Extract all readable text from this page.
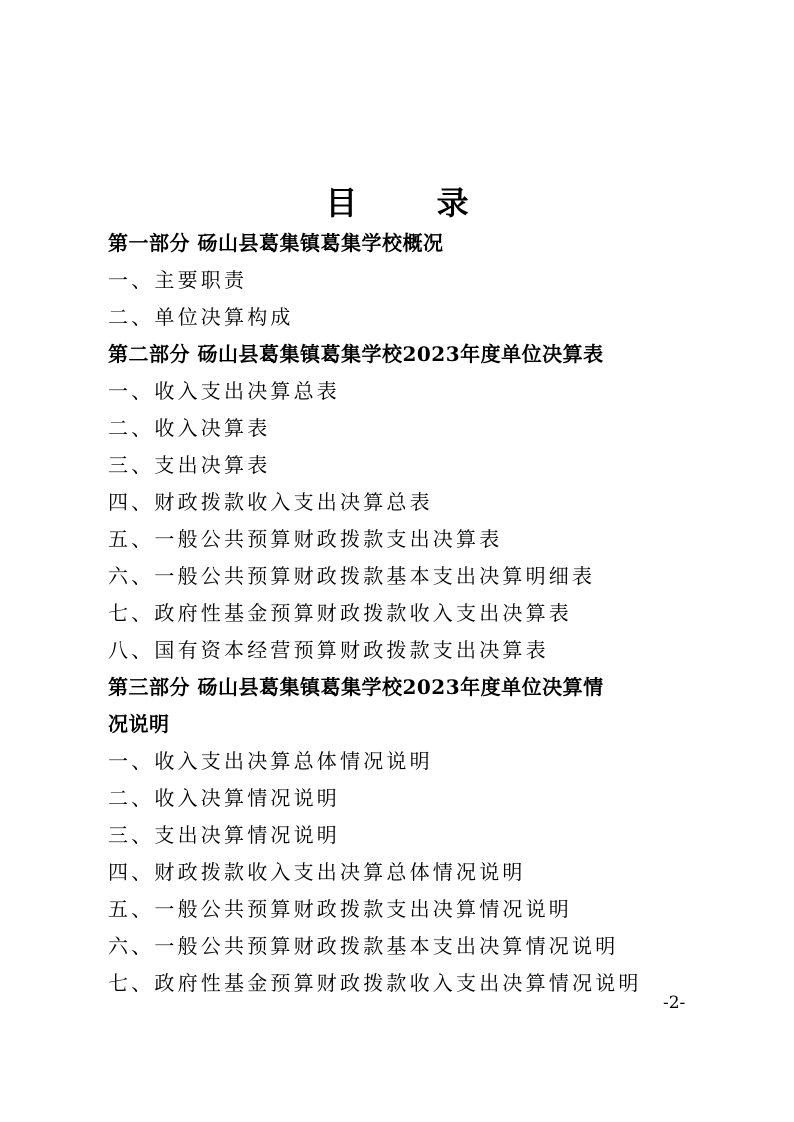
目 录
第一部分 砀山县葛集镇葛集学校概况
一、主要职责
二、单位决算构成
第二部分 砀山县葛集镇葛集学校2023年度单位决算表
一、收入支出决算总表
二、收入决算表
三、支出决算表
四、财政拨款收入支出决算总表
五、一般公共预算财政拨款支出决算表
六、一般公共预算财政拨款基本支出决算明细表
七、政府性基金预算财政拨款收入支出决算表
八、国有资本经营预算财政拨款支出决算表
第三部分 砀山县葛集镇葛集学校2023年度单位决算情
况说明
一、收入支出决算总体情况说明
二、收入决算情况说明
三、支出决算情况说明
四、财政拨款收入支出决算总体情况说明
五、一般公共预算财政拨款支出决算情况说明
六、一般公共预算财政拨款基本支出决算情况说明
七、政府性基金预算财政拨款收入支出决算情况说明
-2-
